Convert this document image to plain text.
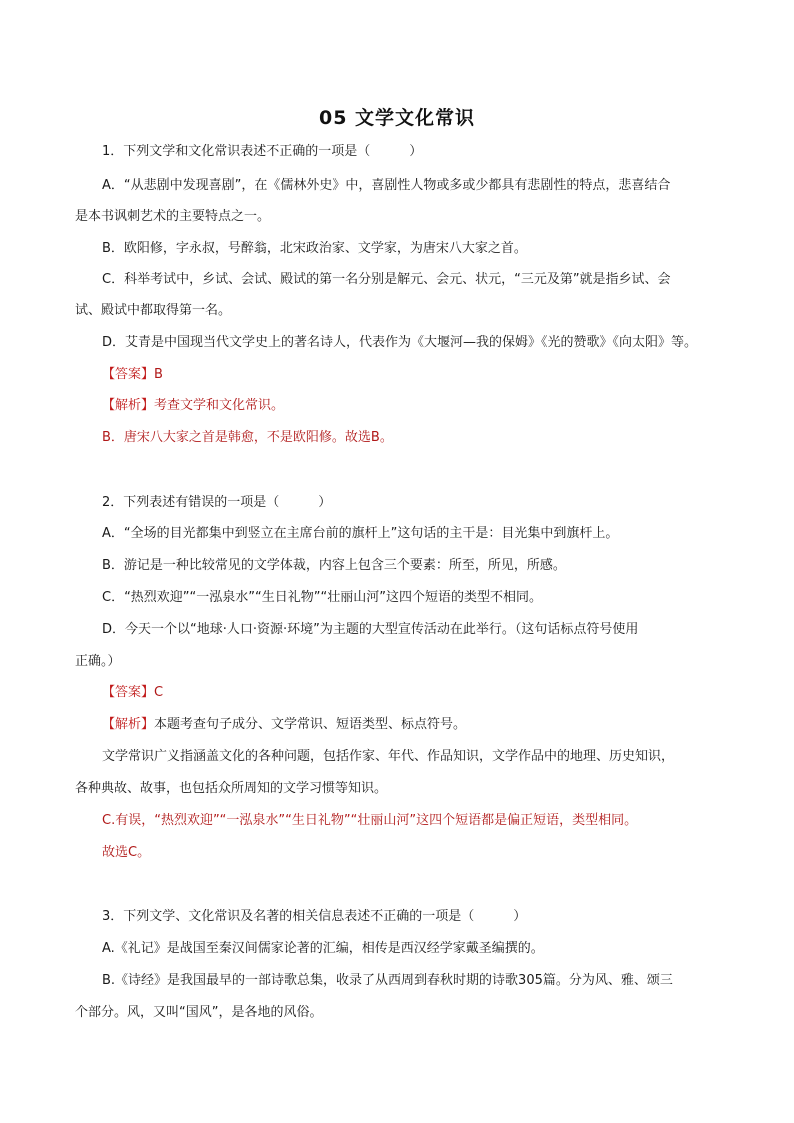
05 文学文化常识
1．下列文学和文化常识表述不正确的一项是（　　　）
A．“从悲剧中发现喜剧”，在《儒林外史》中，喜剧性人物或多或少都具有悲剧性的特点，悲喜结合
是本书讽刺艺术的主要特点之一。
B．欧阳修，字永叔，号醉翁，北宋政治家、文学家，为唐宋八大家之首。
C．科举考试中，乡试、会试、殿试的第一名分别是解元、会元、状元，“三元及第”就是指乡试、会
试、殿试中都取得第一名。
D．艾青是中国现当代文学史上的著名诗人，代表作为《大堰河—我的保姆》《光的赞歌》《向太阳》等。
【答案】B
【解析】考查文学和文化常识。
B．唐宋八大家之首是韩愈，不是欧阳修。故选B。
2．下列表述有错误的一项是（　　　）
A．“全场的目光都集中到竖立在主席台前的旗杆上”这句话的主干是：目光集中到旗杆上。
B．游记是一种比较常见的文学体裁，内容上包含三个要素：所至，所见，所感。
C．“热烈欢迎”“一泓泉水”“生日礼物”“壮丽山河”这四个短语的类型不相同。
D．今天一个以“地球·人口·资源·环境”为主题的大型宣传活动在此举行。（这句话标点符号使用
正确。）
【答案】C
【解析】本题考查句子成分、文学常识、短语类型、标点符号。
文学常识广义指涵盖文化的各种问题，包括作家、年代、作品知识，文学作品中的地理、历史知识，
各种典故、故事，也包括众所周知的文学习惯等知识。
C.有误，“热烈欢迎”“一泓泉水”“生日礼物”“壮丽山河”这四个短语都是偏正短语，类型相同。
故选C。
3．下列文学、文化常识及名著的相关信息表述不正确的一项是（　　　）
A.《礼记》是战国至秦汉间儒家论著的汇编，相传是西汉经学家戴圣编撰的。
B.《诗经》是我国最早的一部诗歌总集，收录了从西周到春秋时期的诗歌305篇。分为风、雅、颂三
个部分。风，又叫“国风”，是各地的风俗。
